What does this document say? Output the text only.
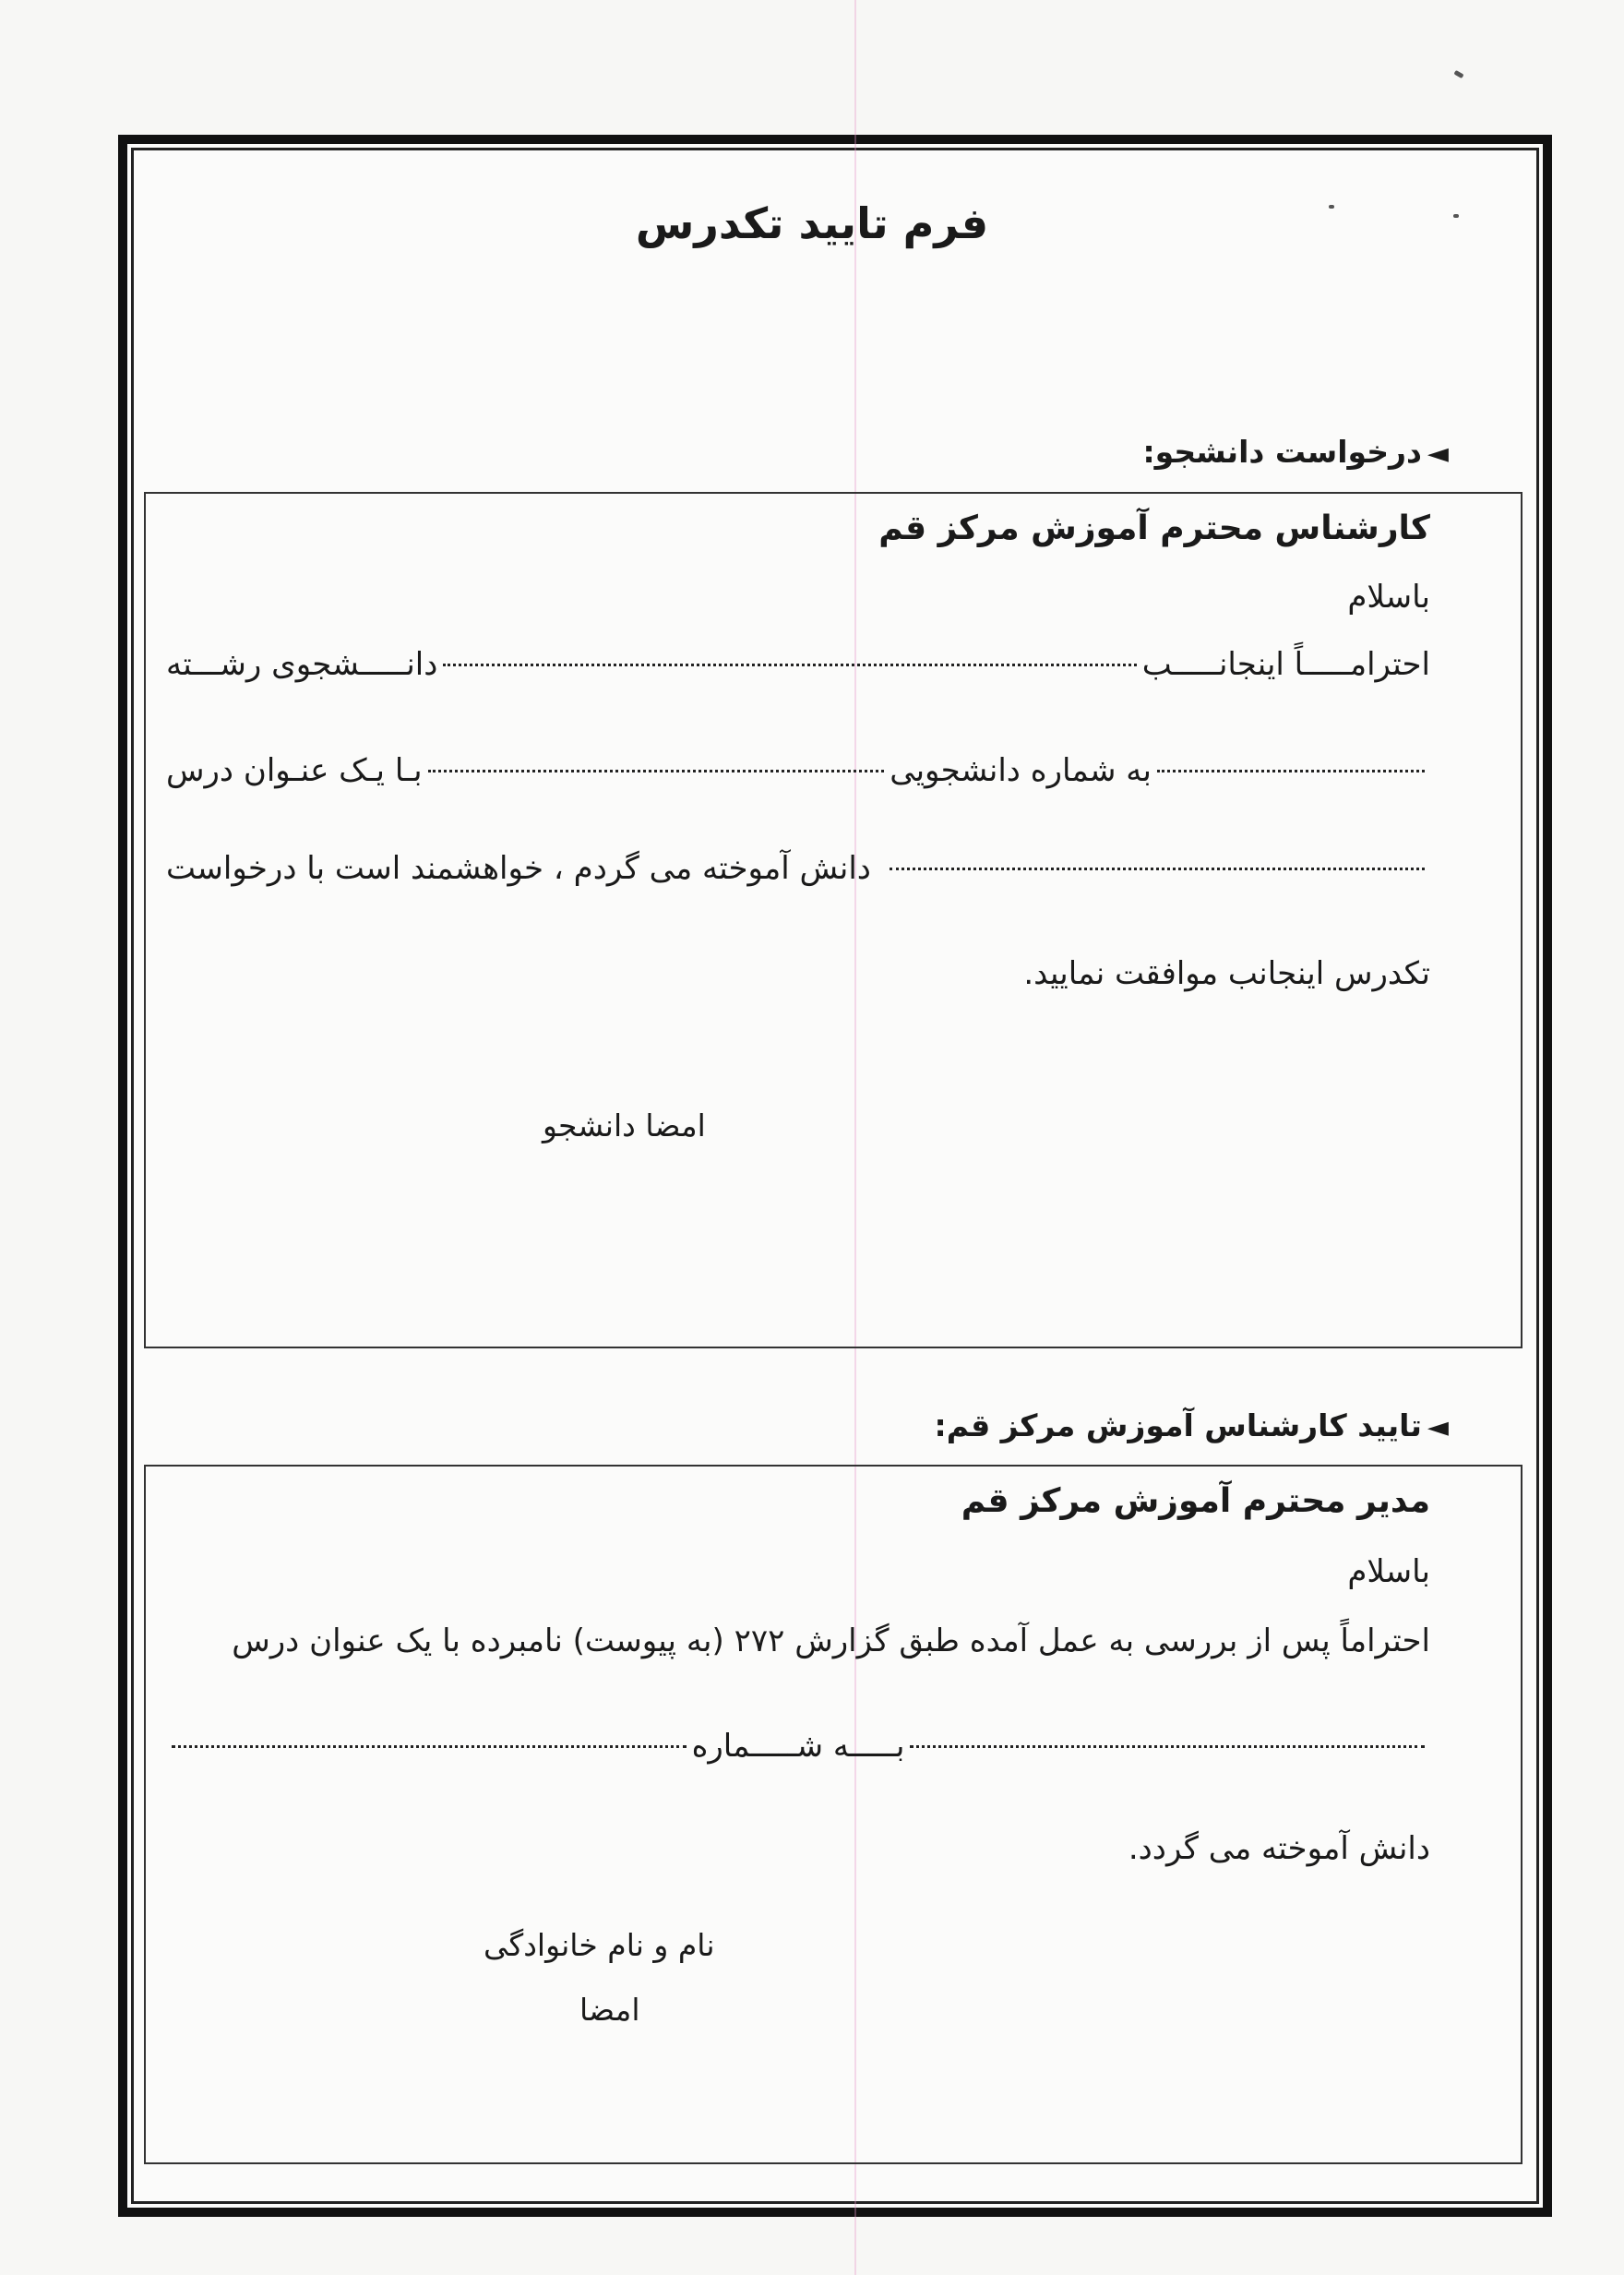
فرم تایید تکدرس
◄درخواست دانشجو:
کارشناس محترم آموزش مرکز قم
باسلام
احترامـــــاً اینجانـــــب
دانـــــشجوی رشـــته
به شماره دانشجویی
بـا یـک عنـوان درس
دانش آموخته می گردم ، خواهشمند است با درخواست
تکدرس اینجانب موافقت نمایید.
امضا دانشجو
◄تایید کارشناس آموزش مرکز قم:
مدیر محترم آموزش مرکز قم
باسلام
احتراماً پس از بررسی به عمل آمده طبق گزارش ۲۷۲ (به پیوست) نامبرده با یک عنوان درس
بـــــه شـــــماره
دانش آموخته می گردد.
نام و نام خانوادگی
امضا
